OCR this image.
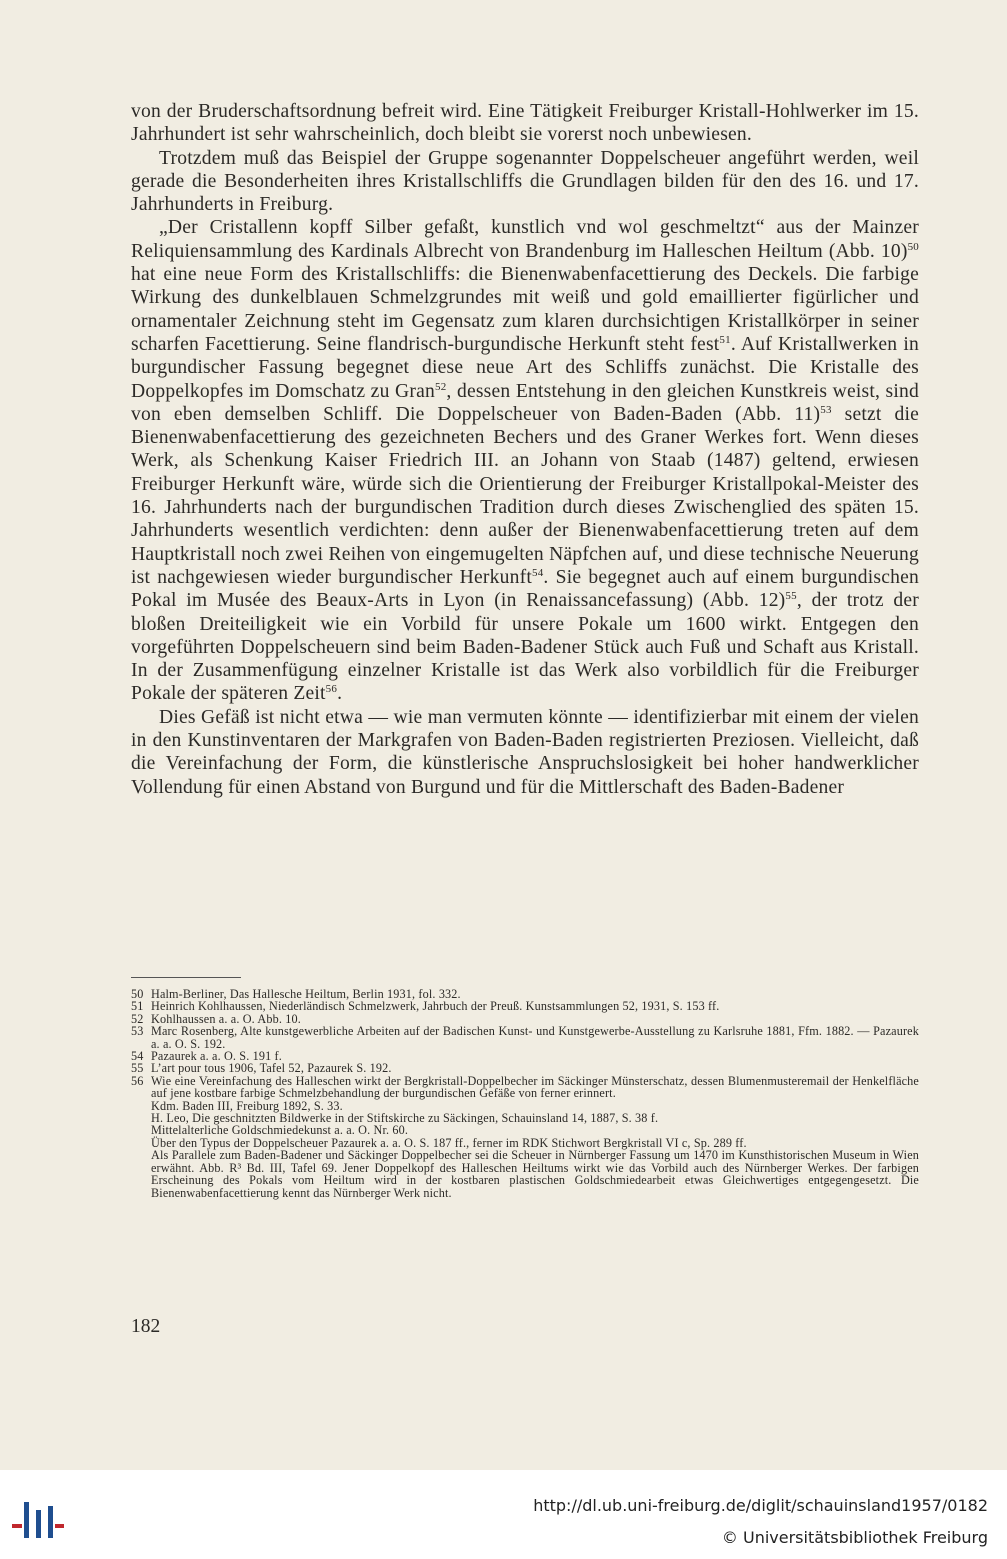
von der Bruderschaftsordnung befreit wird. Eine Tätigkeit Freiburger Kristall-Hohlwerker im 15. Jahrhundert ist sehr wahrscheinlich, doch bleibt sie vorerst noch unbewiesen.

Trotzdem muß das Beispiel der Gruppe sogenannter Doppelscheuer angeführt werden, weil gerade die Besonderheiten ihres Kristallschliffs die Grundlagen bilden für den des 16. und 17. Jahrhunderts in Freiburg.

„Der Cristallenn kopff Silber gefaßt, kunstlich vnd wol geschmeltzt“ aus der Mainzer Reliquiensammlung des Kardinals Albrecht von Brandenburg im Halleschen Heiltum (Abb. 10)$^{50}$ hat eine neue Form des Kristallschliffs: die Bienenwabenfacettierung des Deckels. Die farbige Wirkung des dunkelblauen Schmelzgrundes mit weiß und gold emaillierter figürlicher und ornamentaler Zeichnung steht im Gegensatz zum klaren durchsichtigen Kristallkörper in seiner scharfen Facettierung. Seine flandrisch-burgundische Herkunft steht fest$^{51}$. Auf Kristallwerken in burgundischer Fassung begegnet diese neue Art des Schliffs zunächst. Die Kristalle des Doppelkopfes im Domschatz zu Gran$^{52}$, dessen Entstehung in den gleichen Kunstkreis weist, sind von eben demselben Schliff. Die Doppelscheuer von Baden-Baden (Abb. 11)$^{53}$ setzt die Bienenwabenfacettierung des gezeichneten Bechers und des Graner Werkes fort. Wenn dieses Werk, als Schenkung Kaiser Friedrich III. an Johann von Staab (1487) geltend, erwiesen Freiburger Herkunft wäre, würde sich die Orientierung der Freiburger Kristallpokal-Meister des 16. Jahrhunderts nach der burgundischen Tradition durch dieses Zwischenglied des späten 15. Jahrhunderts wesentlich verdichten: denn außer der Bienenwabenfacettierung treten auf dem Hauptkristall noch zwei Reihen von eingemugelten Näpfchen auf, und diese technische Neuerung ist nachgewiesen wieder burgundischer Herkunft$^{54}$. Sie begegnet auch auf einem burgundischen Pokal im Musée des Beaux-Arts in Lyon (in Renaissancefassung) (Abb. 12)$^{55}$, der trotz der bloßen Dreiteiligkeit wie ein Vorbild für unsere Pokale um 1600 wirkt. Entgegen den vorgeführten Doppelscheuern sind beim Baden-Badener Stück auch Fuß und Schaft aus Kristall. In der Zusammenfügung einzelner Kristalle ist das Werk also vorbildlich für die Freiburger Pokale der späteren Zeit$^{56}$.

Dies Gefäß ist nicht etwa — wie man vermuten könnte — identifizierbar mit einem der vielen in den Kunstinventaren der Markgrafen von Baden-Baden registrierten Preziosen. Vielleicht, daß die Vereinfachung der Form, die künstlerische Anspruchslosigkeit bei hoher handwerklicher Vollendung für einen Abstand von Burgund und für die Mittlerschaft des Baden-Badener

50 Halm-Berliner, Das Hallesche Heiltum, Berlin 1931, fol. 332.
51 Heinrich Kohlhaussen, Niederländisch Schmelzwerk, Jahrbuch der Preuß. Kunstsammlungen 52, 1931, S. 153 ff.
52 Kohlhaussen a. a. O. Abb. 10.
53 Marc Rosenberg, Alte kunstgewerbliche Arbeiten auf der Badischen Kunst- und Kunstgewerbe-Ausstellung zu Karlsruhe 1881, Ffm. 1882. — Pazaurek a. a. O. S. 192.
54 Pazaurek a. a. O. S. 191 f.
55 L’art pour tous 1906, Tafel 52, Pazaurek S. 192.
56 Wie eine Vereinfachung des Halleschen wirkt der Bergkristall-Doppelbecher im Säckinger Münsterschatz, dessen Blumenmusteremail der Henkelfläche auf jene kostbare farbige Schmelzbehandlung der burgundischen Gefäße von ferner erinnert.
Kdm. Baden III, Freiburg 1892, S. 33.
H. Leo, Die geschnitzten Bildwerke in der Stiftskirche zu Säckingen, Schauinsland 14, 1887, S. 38 f.
Mittelalterliche Goldschmiedekunst a. a. O. Nr. 60.
Über den Typus der Doppelscheuer Pazaurek a. a. O. S. 187 ff., ferner im RDK Stichwort Bergkristall VI c, Sp. 289 ff.
Als Parallele zum Baden-Badener und Säckinger Doppelbecher sei die Scheuer in Nürnberger Fassung um 1470 im Kunsthistorischen Museum in Wien erwähnt. Abb. R³ Bd. III, Tafel 69. Jener Doppelkopf des Halleschen Heiltums wirkt wie das Vorbild auch des Nürnberger Werkes. Der farbigen Erscheinung des Pokals vom Heiltum wird in der kostbaren plastischen Goldschmiedearbeit etwas Gleichwertiges entgegengesetzt. Die Bienenwabenfacettierung kennt das Nürnberger Werk nicht.
182
http://dl.ub.uni-freiburg.de/diglit/schauinsland1957/0182
© Universitätsbibliothek Freiburg
